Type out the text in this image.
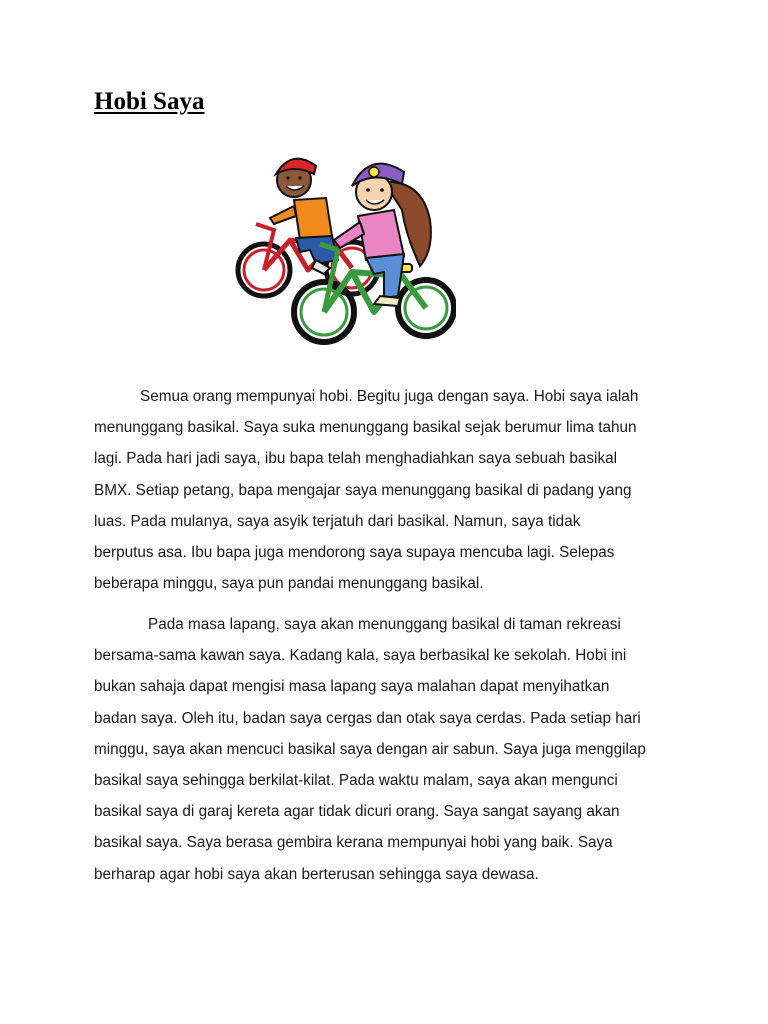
Hobi Saya
Semua orang mempunyai hobi. Begitu juga dengan saya. Hobi saya ialah
menunggang basikal. Saya suka menunggang basikal sejak berumur lima tahun
lagi. Pada hari jadi saya, ibu bapa telah menghadiahkan saya sebuah basikal
BMX. Setiap petang, bapa mengajar saya menunggang basikal di padang yang
luas. Pada mulanya, saya asyik terjatuh dari basikal. Namun, saya tidak
berputus asa. Ibu bapa juga mendorong saya supaya mencuba lagi. Selepas
beberapa minggu, saya pun pandai menunggang basikal.
Pada masa lapang, saya akan menunggang basikal di taman rekreasi
bersama-sama kawan saya. Kadang kala, saya berbasikal ke sekolah. Hobi ini
bukan sahaja dapat mengisi masa lapang saya malahan dapat menyihatkan
badan saya. Oleh itu, badan saya cergas dan otak saya cerdas. Pada setiap hari
minggu, saya akan mencuci basikal saya dengan air sabun. Saya juga menggilap
basikal saya sehingga berkilat-kilat. Pada waktu malam, saya akan mengunci
basikal saya di garaj kereta agar tidak dicuri orang. Saya sangat sayang akan
basikal saya. Saya berasa gembira kerana mempunyai hobi yang baik. Saya
berharap agar hobi saya akan berterusan sehingga saya dewasa.
